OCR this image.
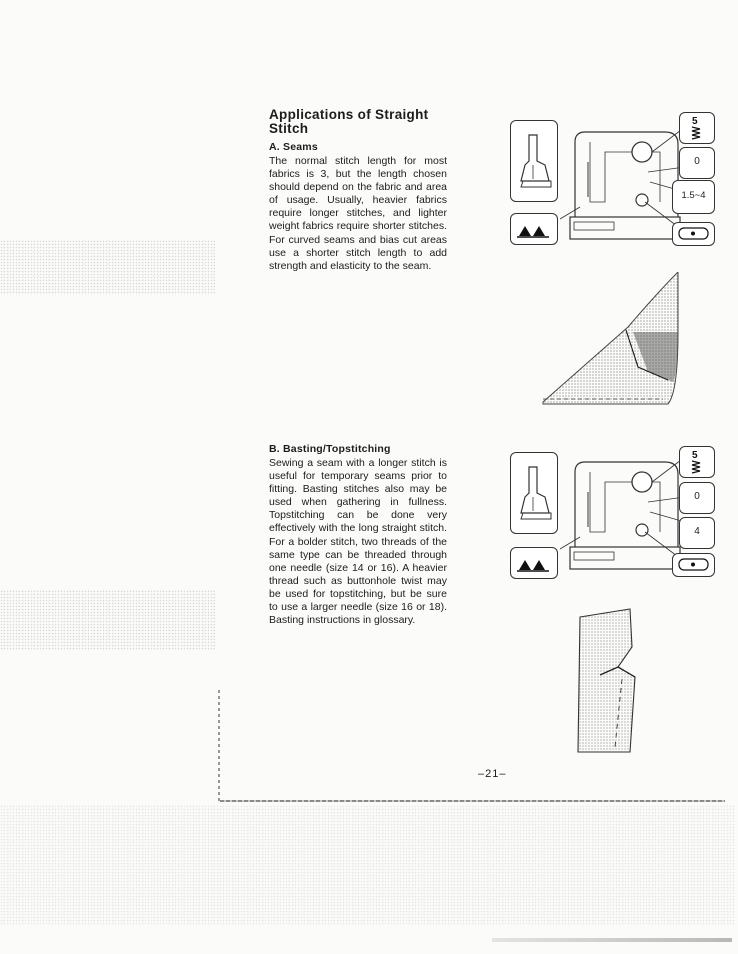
Applications of Straight Stitch
A. Seams
The normal stitch length for most fabrics is 3, but the length chosen should depend on the fabric and area of usage. Usually, heavier fabrics require longer stitches, and lighter weight fabrics require shorter stitches. For curved seams and bias cut areas use a shorter stitch length to add strength and elasticity to the seam.
B. Basting/Topstitching
Sewing a seam with a longer stitch is useful for temporary seams prior to fitting. Basting stitches also may be used when gathering in fullness. Topstitching can be done very effectively with the long straight stitch. For a bolder stitch, two threads of the same type can be threaded through one needle (size 14 or 16). A heavier thread such as buttonhole twist may be used for topstitching, but be sure to use a larger needle (size 16 or 18). Basting instructions in glossary.
–21–
5
0
1.5~4
5
0
4
